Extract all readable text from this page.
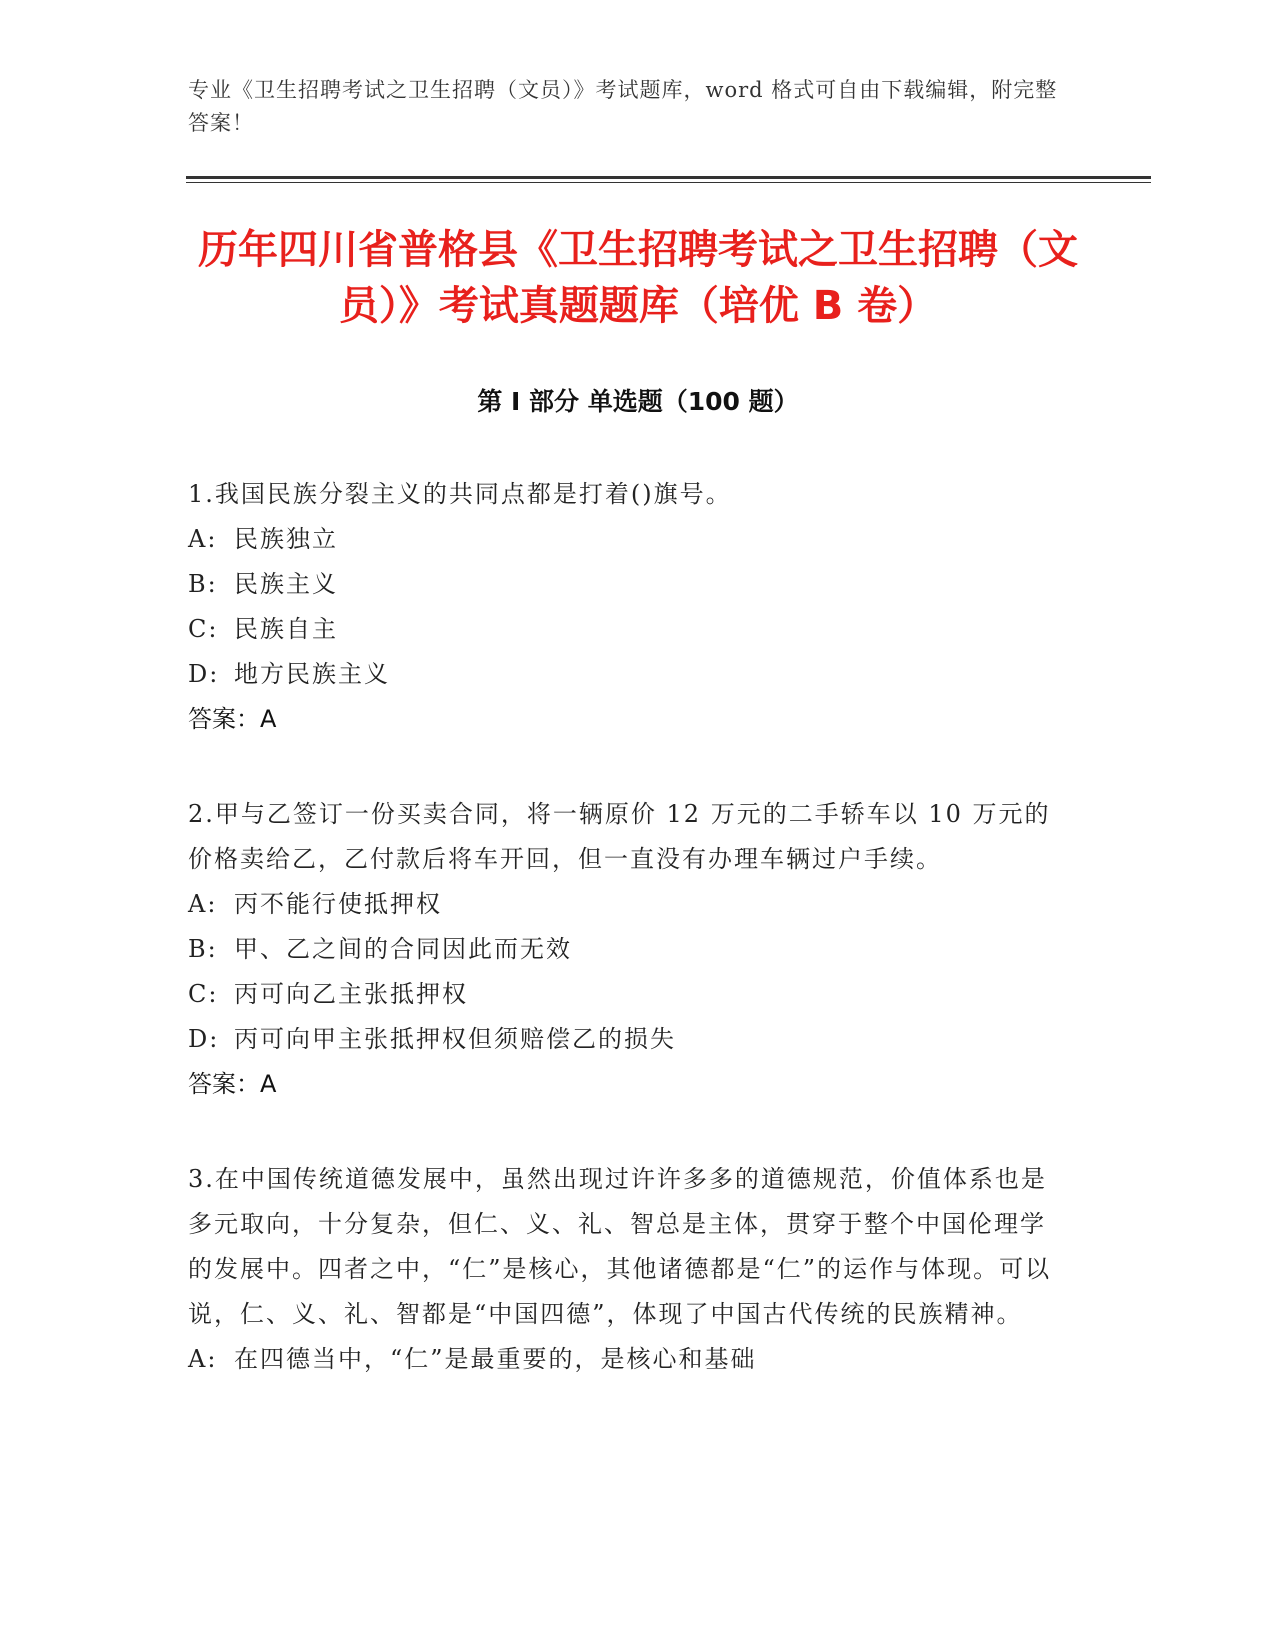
专业《卫生招聘考试之卫生招聘（文员）》考试题库，word 格式可自由下载编辑，附完整答案！
历年四川省普格县《卫生招聘考试之卫生招聘（文员）》考试真题题库（培优 B 卷）
第 I 部分 单选题（100 题）
1.我国民族分裂主义的共同点都是打着()旗号。
A: 民族独立
B: 民族主义
C: 民族自主
D: 地方民族主义
答案：A
2.甲与乙签订一份买卖合同，将一辆原价 12 万元的二手轿车以 10 万元的价格卖给乙，乙付款后将车开回，但一直没有办理车辆过户手续。
A: 丙不能行使抵押权
B: 甲、乙之间的合同因此而无效
C: 丙可向乙主张抵押权
D: 丙可向甲主张抵押权但须赔偿乙的损失
答案：A
3.在中国传统道德发展中，虽然出现过许许多多的道德规范，价值体系也是多元取向，十分复杂，但仁、义、礼、智总是主体，贯穿于整个中国伦理学的发展中。四者之中，“仁”是核心，其他诸德都是“仁”的运作与体现。可以说，仁、义、礼、智都是“中国四德”，体现了中国古代传统的民族精神。
A: 在四德当中，“仁”是最重要的，是核心和基础
